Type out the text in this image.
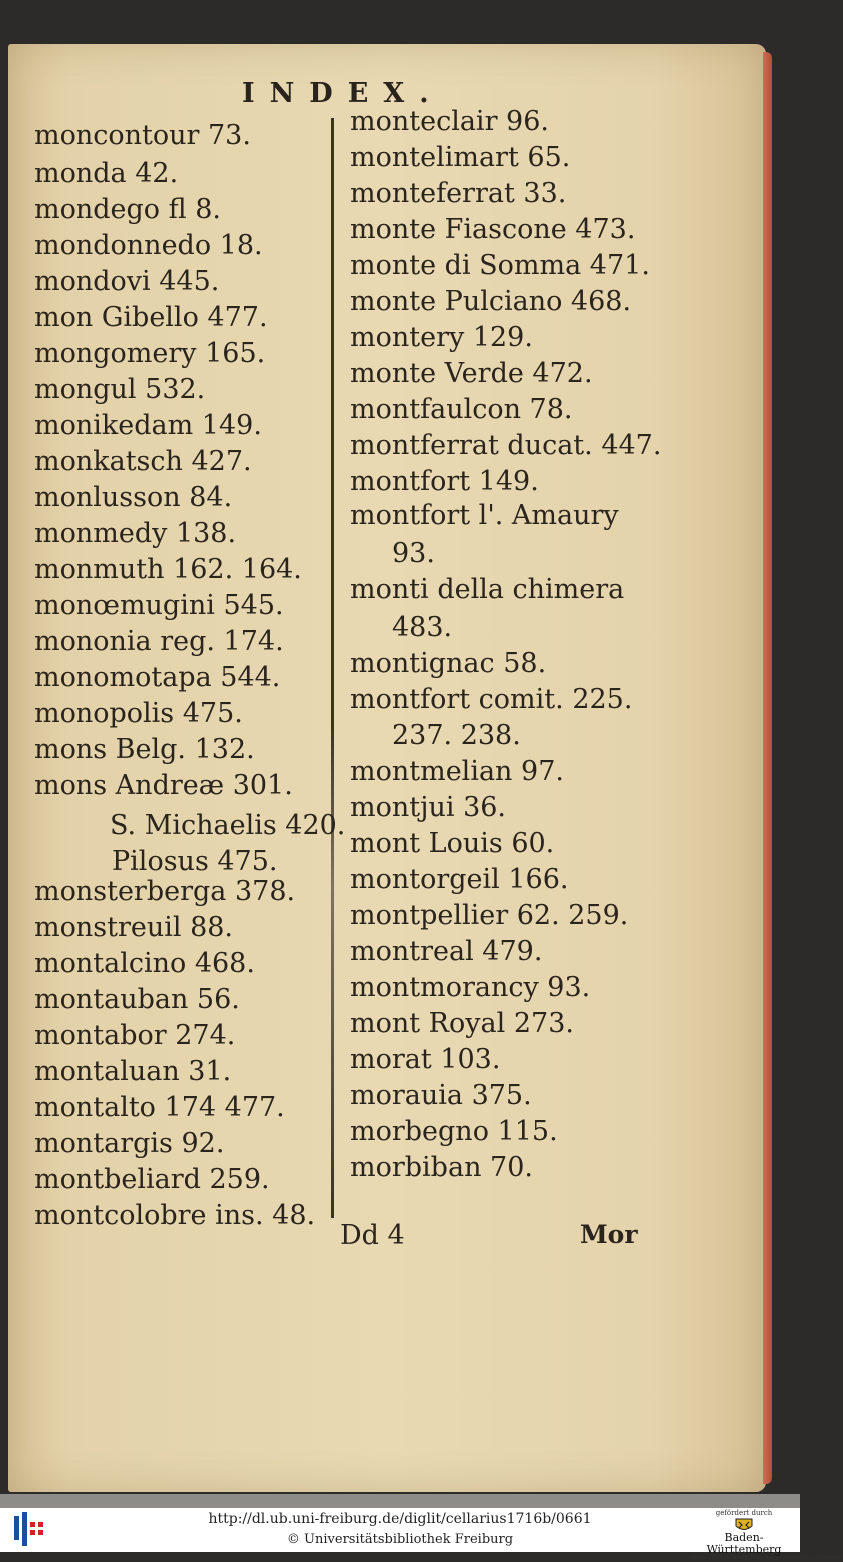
INDEX.
moncontour 73.
monda 42.
mondego fl 8.
mondonnedo 18.
mondovi 445.
mon Gibello 477.
mongomery 165.
mongul 532.
monikedam 149.
monkatsch 427.
monlusson 84.
monmedy 138.
monmuth 162. 164.
monœmugini 545.
mononia reg. 174.
monomotapa 544.
monopolis 475.
mons Belg. 132.
mons Andreæ 301.
S. Michaelis 420.
Pilosus 475.
monsterberga 378.
monstreuil 88.
montalcino 468.
montauban 56.
montabor 274.
montaluan 31.
montalto 174 477.
montargis 92.
montbeliard 259.
montcolobre ins. 48.
monteclair 96.
montelimart 65.
monteferrat 33.
monte Fiascone 473.
monte di Somma 471.
monte Pulciano 468.
montery 129.
monte Verde 472.
montfaulcon 78.
montferrat ducat. 447.
montfort 149.
montfort l'. Amaury
93.
monti della chimera
483.
montignac 58.
montfort comit. 225.
237. 238.
montmelian 97.
montjui 36.
mont Louis 60.
montorgeil 166.
montpellier 62. 259.
montreal 479.
montmorancy 93.
mont Royal 273.
morat 103.
morauia 375.
morbegno 115.
morbiban 70.
Dd 4	Mor
http://dl.ub.uni-freiburg.de/diglit/cellarius1716b/0661
© Universitätsbibliothek Freiburg
gefördert durch
Baden-Württemberg
MINISTERIUM FÜR WISSENSCHAFT, FORSCHUNG UND KUNST
